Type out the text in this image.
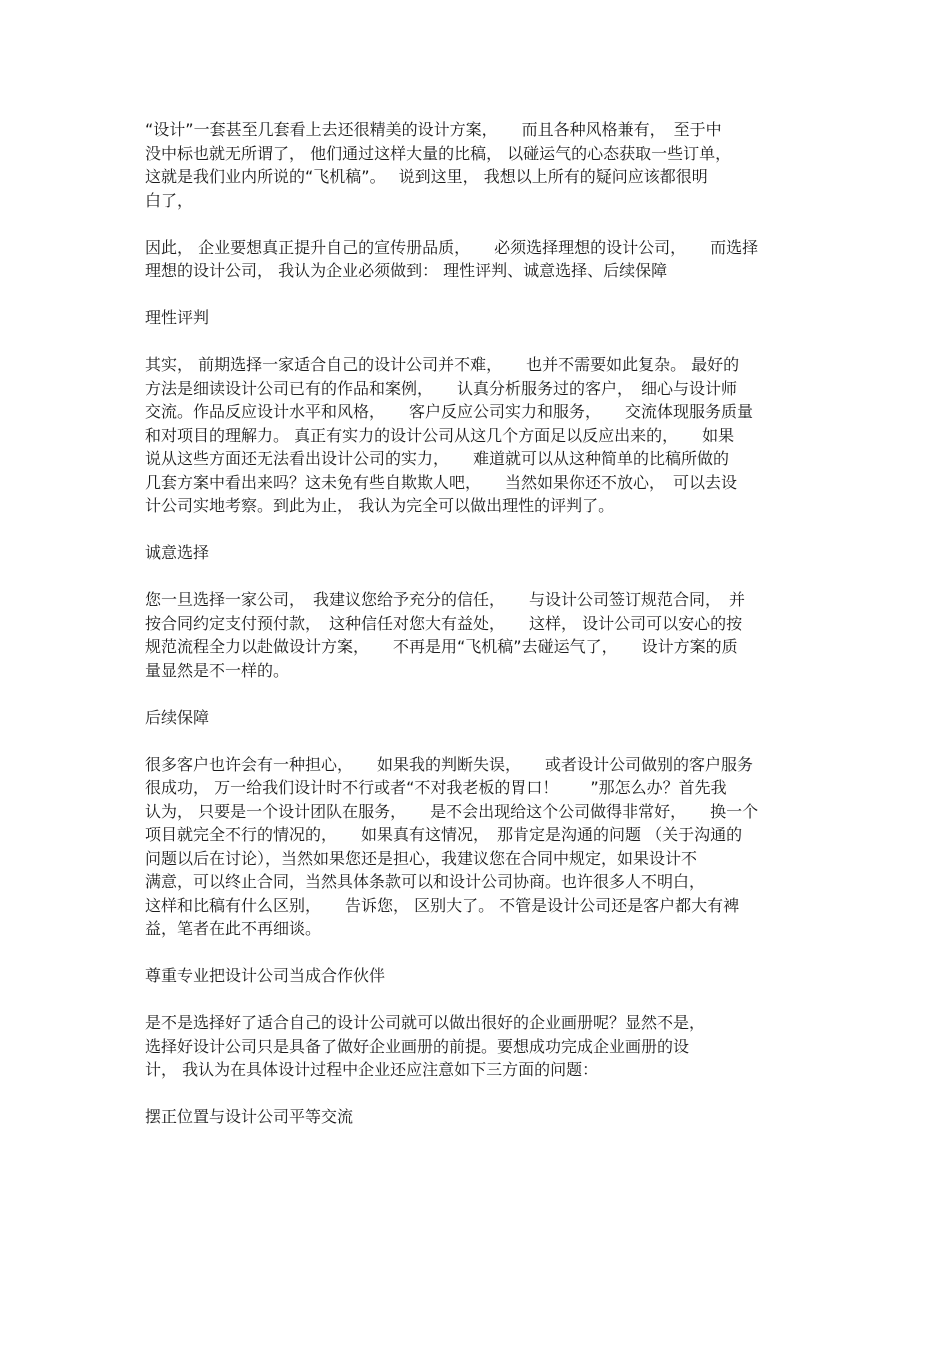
“设计”一套甚至几套看上去还很精美的设计方案，　　而且各种风格兼有，　至于中
没中标也就无所谓了， 他们通过这样大量的比稿， 以碰运气的心态获取一些订单，
这就是我们业内所说的“飞机稿”。　 说到这里， 我想以上所有的疑问应该都很明
白了，
因此， 企业要想真正提升自己的宣传册品质，　　必须选择理想的设计公司，　　而选择
理想的设计公司， 我认为企业必须做到： 理性评判、诚意选择、后续保障
理性评判
其实， 前期选择一家适合自己的设计公司并不难，　　也并不需要如此复杂。 最好的
方法是细读设计公司已有的作品和案例，　　认真分析服务过的客户，　细心与设计师
交流。作品反应设计水平和风格，　　客户反应公司实力和服务，　　交流体现服务质量
和对项目的理解力。 真正有实力的设计公司从这几个方面足以反应出来的，　　如果
说从这些方面还无法看出设计公司的实力，　　难道就可以从这种简单的比稿所做的
几套方案中看出来吗？这未免有些自欺欺人吧，　　当然如果你还不放心，　可以去设
计公司实地考察。到此为止， 我认为完全可以做出理性的评判了。
诚意选择
您一旦选择一家公司，　我建议您给予充分的信任，　　与设计公司签订规范合同，　并
按合同约定支付预付款，　这种信任对您大有益处，　　这样， 设计公司可以安心的按
规范流程全力以赴做设计方案，　　不再是用“飞机稿”去碰运气了，　　设计方案的质
量显然是不一样的。
后续保障
很多客户也许会有一种担心，　　如果我的判断失误，　　或者设计公司做别的客户服务
很成功， 万一给我们设计时不行或者“不对我老板的胃口！　　”那怎么办？首先我
认为， 只要是一个设计团队在服务，　　是不会出现给这个公司做得非常好，　　换一个
项目就完全不行的情况的，　　如果真有这情况，　那肯定是沟通的问题 （关于沟通的
问题以后在讨论），当然如果您还是担心，我建议您在合同中规定，如果设计不
满意，可以终止合同，当然具体条款可以和设计公司协商。也许很多人不明白，
这样和比稿有什么区别，　　告诉您， 区别大了。 不管是设计公司还是客户都大有裨
益，笔者在此不再细谈。
尊重专业把设计公司当成合作伙伴
是不是选择好了适合自己的设计公司就可以做出很好的企业画册呢？显然不是，
选择好设计公司只是具备了做好企业画册的前提。要想成功完成企业画册的设
计， 我认为在具体设计过程中企业还应注意如下三方面的问题：
摆正位置与设计公司平等交流
